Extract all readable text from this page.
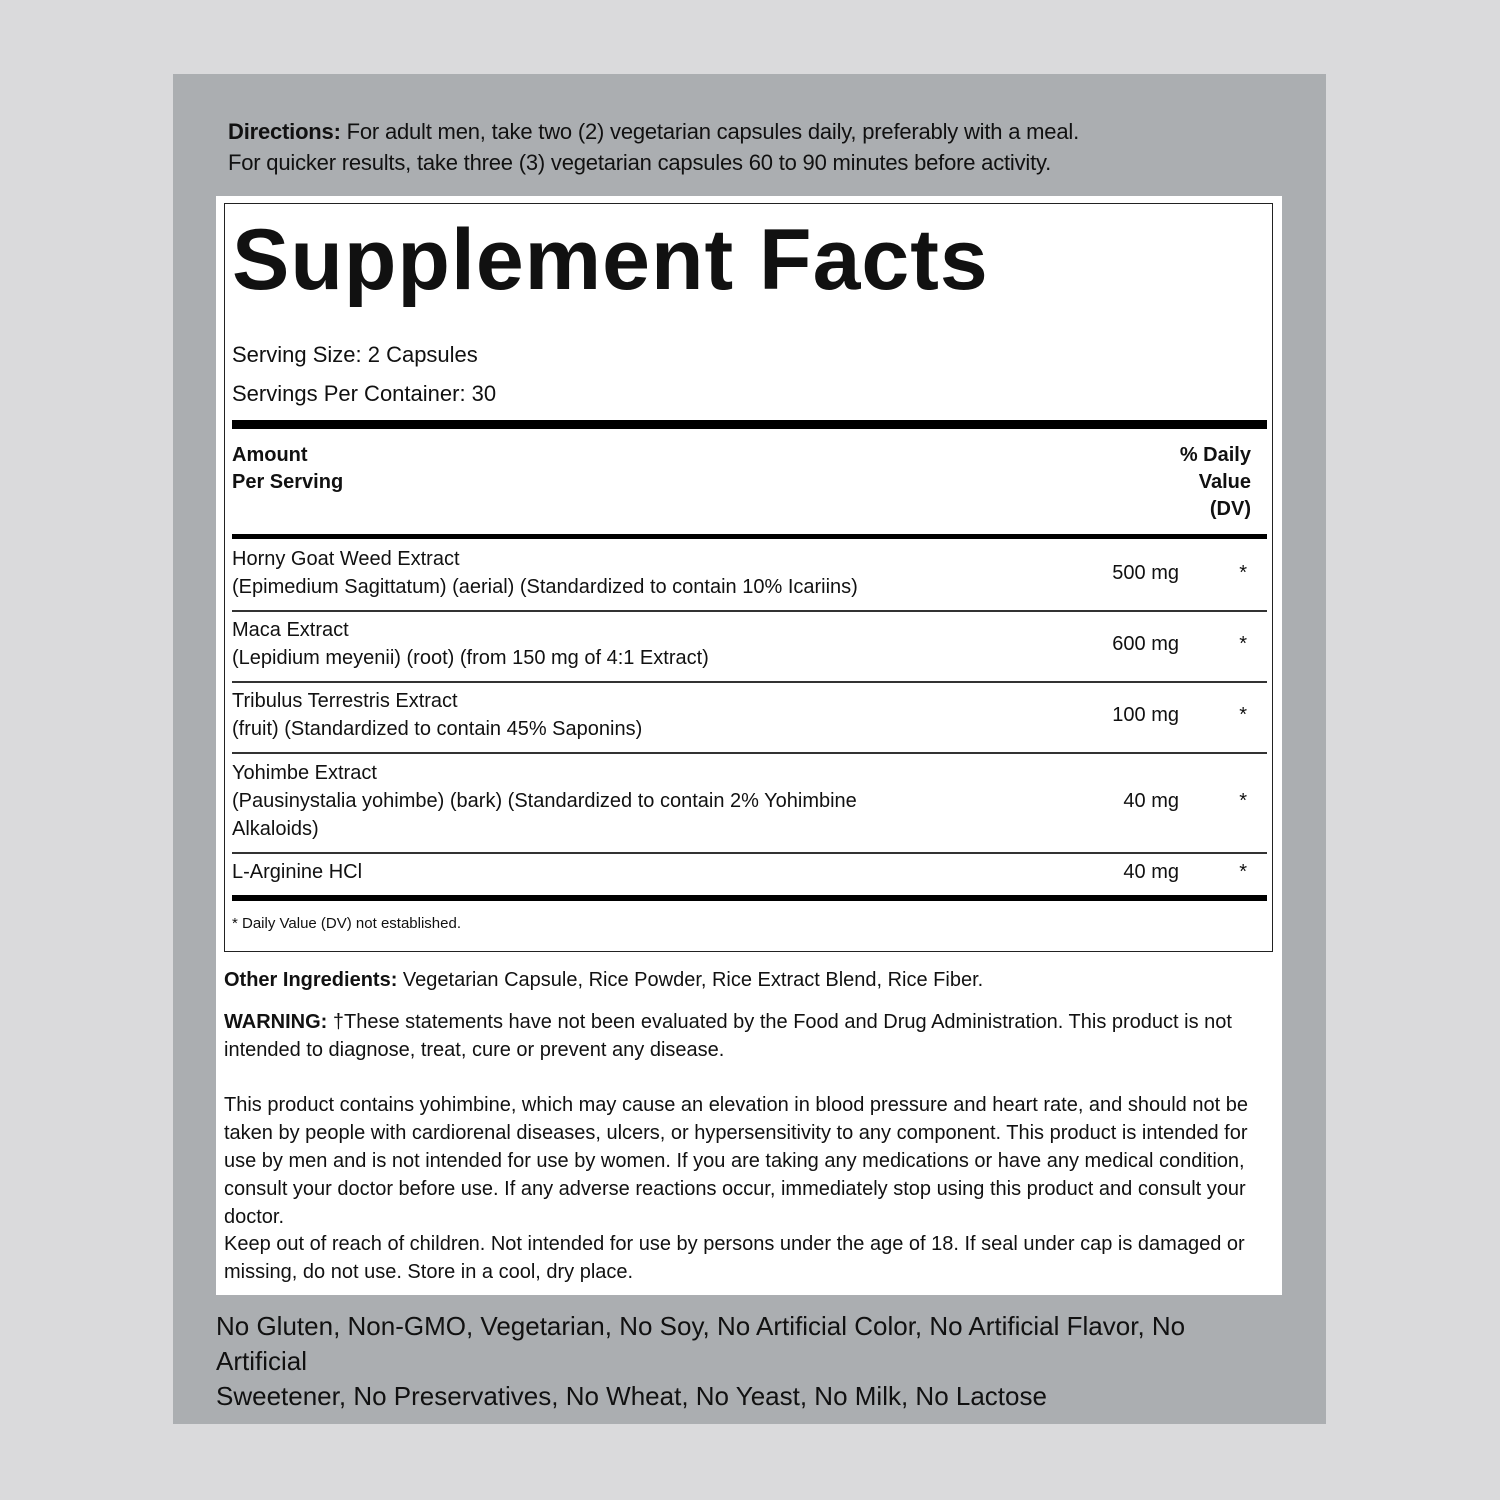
Directions: For adult men, take two (2) vegetarian capsules daily, preferably with a meal.
For quicker results, take three (3) vegetarian capsules 60 to 90 minutes before activity.
Supplement Facts
Serving Size: 2 Capsules
Servings Per Container: 30
Amount
Per Serving
% Daily
Value
(DV)
Horny Goat Weed Extract
(Epimedium Sagittatum) (aerial) (Standardized to contain 10% Icariins)
500 mg	*
Maca Extract
(Lepidium meyenii) (root) (from 150 mg of 4:1 Extract)
600 mg	*
Tribulus Terrestris Extract
(fruit) (Standardized to contain 45% Saponins)
100 mg	*
Yohimbe Extract
(Pausinystalia yohimbe) (bark) (Standardized to contain 2% Yohimbine
Alkaloids)
40 mg	*
L-Arginine HCl	40 mg	*
* Daily Value (DV) not established.
Other Ingredients: Vegetarian Capsule, Rice Powder, Rice Extract Blend, Rice Fiber.
WARNING: †These statements have not been evaluated by the Food and Drug Administration. This product is not intended to diagnose, treat, cure or prevent any disease.
This product contains yohimbine, which may cause an elevation in blood pressure and heart rate, and should not be taken by people with cardiorenal diseases, ulcers, or hypersensitivity to any component. This product is intended for use by men and is not intended for use by women. If you are taking any medications or have any medical condition, consult your doctor before use. If any adverse reactions occur, immediately stop using this product and consult your doctor.
Keep out of reach of children. Not intended for use by persons under the age of 18. If seal under cap is damaged or missing, do not use. Store in a cool, dry place.
No Gluten, Non-GMO, Vegetarian, No Soy, No Artificial Color, No Artificial Flavor, No Artificial
Sweetener, No Preservatives, No Wheat, No Yeast, No Milk, No Lactose
